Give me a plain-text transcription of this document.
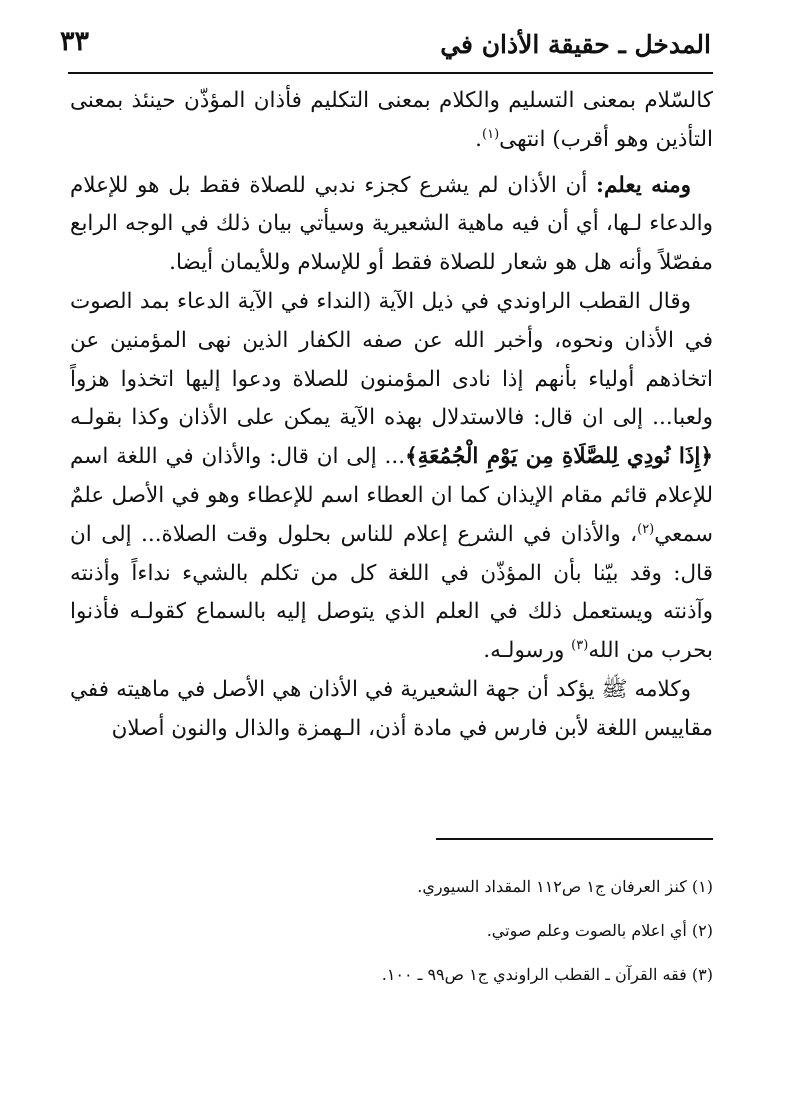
المدخل ـ حقيقة الأذان في
٣٣

كالسّلام بمعنى التسليم والكلام بمعنى التكليم فأذان المؤذّن حينئذ بمعنى التأذين وهو أقرب) انتهى$^{(١)}$.

ومنه يعلم: أن الأذان لم يشرع كجزء ندبي للصلاة فقط بل هو للإعلام والدعاء لـها، أي أن فيه ماهية الشعيرية وسيأتي بيان ذلك في الوجه الرابع مفصّلاً وأنه هل هو شعار للصلاة فقط أو للإسلام وللأيمان أيضا.

وقال القطب الراوندي في ذيل الآية (النداء في الآية الدعاء بمد الصوت في الأذان ونحوه، وأخبر الله عن صفه الكفار الذين نهى المؤمنين عن اتخاذهم أولياء بأنهم إذا نادى المؤمنون للصلاة ودعوا إليها اتخذوا هزواً ولعبا... إلى ان قال: فالاستدلال بهذه الآية يمكن على الأذان وكذا بقولـه ﴿إِذَا نُودِي لِلصَّلَاةِ مِن يَوْمِ الْجُمُعَةِ﴾... إلى ان قال: والأذان في اللغة اسم للإعلام قائم مقام الإيذان كما ان العطاء اسم للإعطاء وهو في الأصل علمٌ سمعي$^{(٢)}$، والأذان في الشرع إعلام للناس بحلول وقت الصلاة... إلى ان قال: وقد بيّنا بأن المؤذّن في اللغة كل من تكلم بالشيء نداءاً وأذنته وآذنته ويستعمل ذلك في العلم الذي يتوصل إليه بالسماع كقولـه فأذنوا بحرب من الله$^{(٣)}$ ورسولـه.

وكلامه ﷺ يؤكد أن جهة الشعيرية في الأذان هي الأصل في ماهيته ففي مقاييس اللغة لأبن فارس في مادة أذن، الـهمزة والذال والنون أصلان

(١) كنز العرفان ج١ ص١١٢ المقداد السيوري.

(٢) أي اعلام بالصوت وعلم صوتي.

(٣) فقه القرآن ـ القطب الراوندي ج١ ص٩٩ ـ ١٠٠.
